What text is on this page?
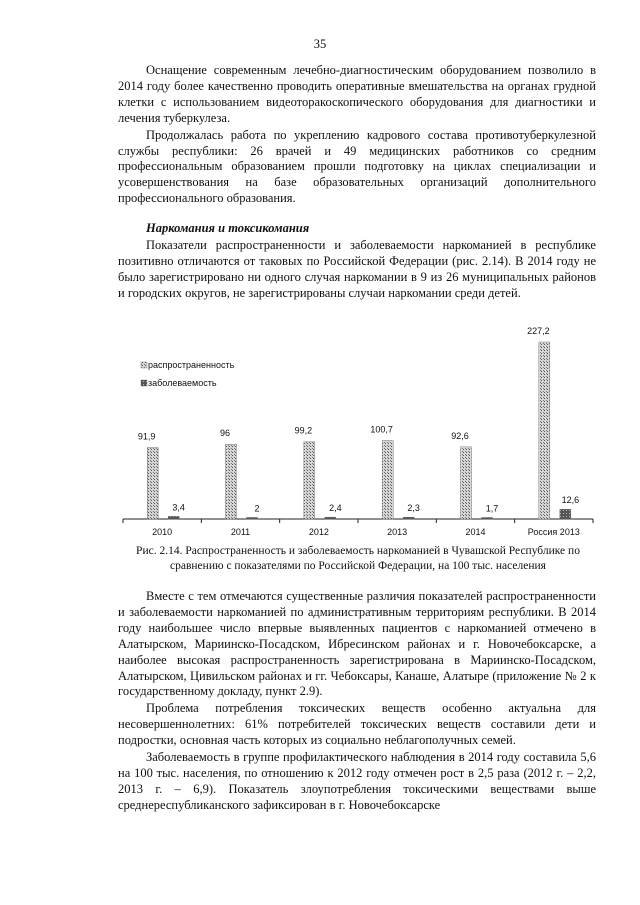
35

Оснащение современным лечебно-диагностическим оборудованием позволило в 2014 году более качественно проводить оперативные вмешательства на органах грудной клетки с использованием видеоторакоскопического оборудования для диагностики и лечения туберкулеза.

Продолжалась работа по укреплению кадрового состава противотуберкулезной службы республики: 26 врачей и 49 медицинских работников со средним профессиональным образованием прошли подготовку на циклах специализации и усовершенствования на базе образовательных организаций дополнительного профессионального образования.

Наркомания и токсикомания

Показатели распространенности и заболеваемости наркоманией в республике позитивно отличаются от таковых по Российской Федерации (рис. 2.14). В 2014 году не было зарегистрировано ни одного случая наркомании в 9 из 26 муниципальных районов и городских округов, не зарегистрированы случаи наркомании среди детей.

2010
91,9
3,4
2011
96
2
2012
99,2
2,4
2013
100,7
2,3
2014
92,6
1,7
Россия 2013
227,2
12,6
распространенность
заболеваемость
Рис. 2.14. Распространенность и заболеваемость наркоманией в Чувашской Республике по сравнению с показателями по Российской Федерации, на 100 тыс. населения

Вместе с тем отмечаются существенные различия показателей распространенности и заболеваемости наркоманией по административным территориям республики. В 2014 году наибольшее число впервые выявленных пациентов с наркоманией отмечено в Алатырском, Мариинско-Посадском, Ибресинском районах и г. Новочебоксарске, а наиболее высокая распространенность зарегистрирована в Мариинско-Посадском, Алатырском, Цивильском районах и гг. Чебоксары, Канаше, Алатыре (приложение № 2 к государственному докладу, пункт 2.9).

Проблема потребления токсических веществ особенно актуальна для несовершеннолетних: 61% потребителей токсических веществ составили дети и подростки, основная часть которых из социально неблагополучных семей.

Заболеваемость в группе профилактического наблюдения в 2014 году составила 5,6 на 100 тыс. населения, по отношению к 2012 году отмечен рост в 2,5 раза (2012 г. – 2,2, 2013 г. – 6,9). Показатель злоупотребления токсическими веществами выше среднереспубликанского зафиксирован в г. Новочебоксарске
